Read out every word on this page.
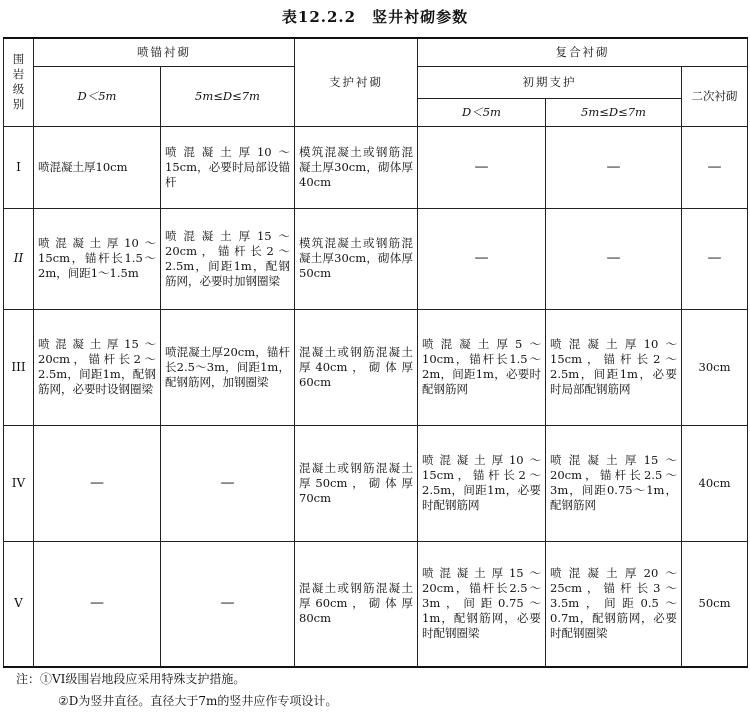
表12.2.2　竖井衬砌参数
围岩级别	喷锚衬砌		支护衬砌	复合衬砌		
	D＜5m	5m≤D≤7m		初期支护		二次衬砌
				D＜5m	5m≤D≤7m	
I	喷混凝土厚10cm	喷混凝土厚10～15cm，必要时局部设锚杆	模筑混凝土或钢筋混凝土厚30cm，砌体厚40cm	—	—	—
II	喷混凝土厚10～15cm，锚杆长1.5～2m，间距1～1.5m	喷混凝土厚15～20cm，锚杆长2～2.5m，间距1m，配钢筋网，必要时加钢圈梁	模筑混凝土或钢筋混凝土厚30cm，砌体厚50cm	—	—	—
III	喷混凝土厚15～20cm，锚杆长2～2.5m，间距1m，配钢筋网，必要时设钢圈梁	喷混凝土厚20cm，锚杆长2.5～3m，间距1m，配钢筋网，加钢圈梁	混凝土或钢筋混凝土厚40cm，砌体厚60cm	喷混凝土厚5～10cm，锚杆长1.5～2m，间距1m，必要时配钢筋网	喷混凝土厚10～15cm，锚杆长2～2.5m，间距1m，必要时局部配钢筋网	30cm
IV	—	—	混凝土或钢筋混凝土厚50cm，砌体厚70cm	喷混凝土厚10～15cm，锚杆长2～2.5m，间距1m，必要时配钢筋网	喷混凝土厚15～20cm，锚杆长2.5～3m，间距0.75～1m，配钢筋网	40cm
V	—	—	混凝土或钢筋混凝土厚60cm，砌体厚80cm	喷混凝土厚15～20cm，锚杆长2.5～3m，间距0.75～1m，配钢筋网，必要时配钢圈梁	喷混凝土厚20～25cm，锚杆长3～3.5m，间距0.5～0.7m，配钢筋网，必要时配钢圈梁	50cm
注：①VI级围岩地段应采用特殊支护措施。
②D为竖井直径。直径大于7m的竖井应作专项设计。
